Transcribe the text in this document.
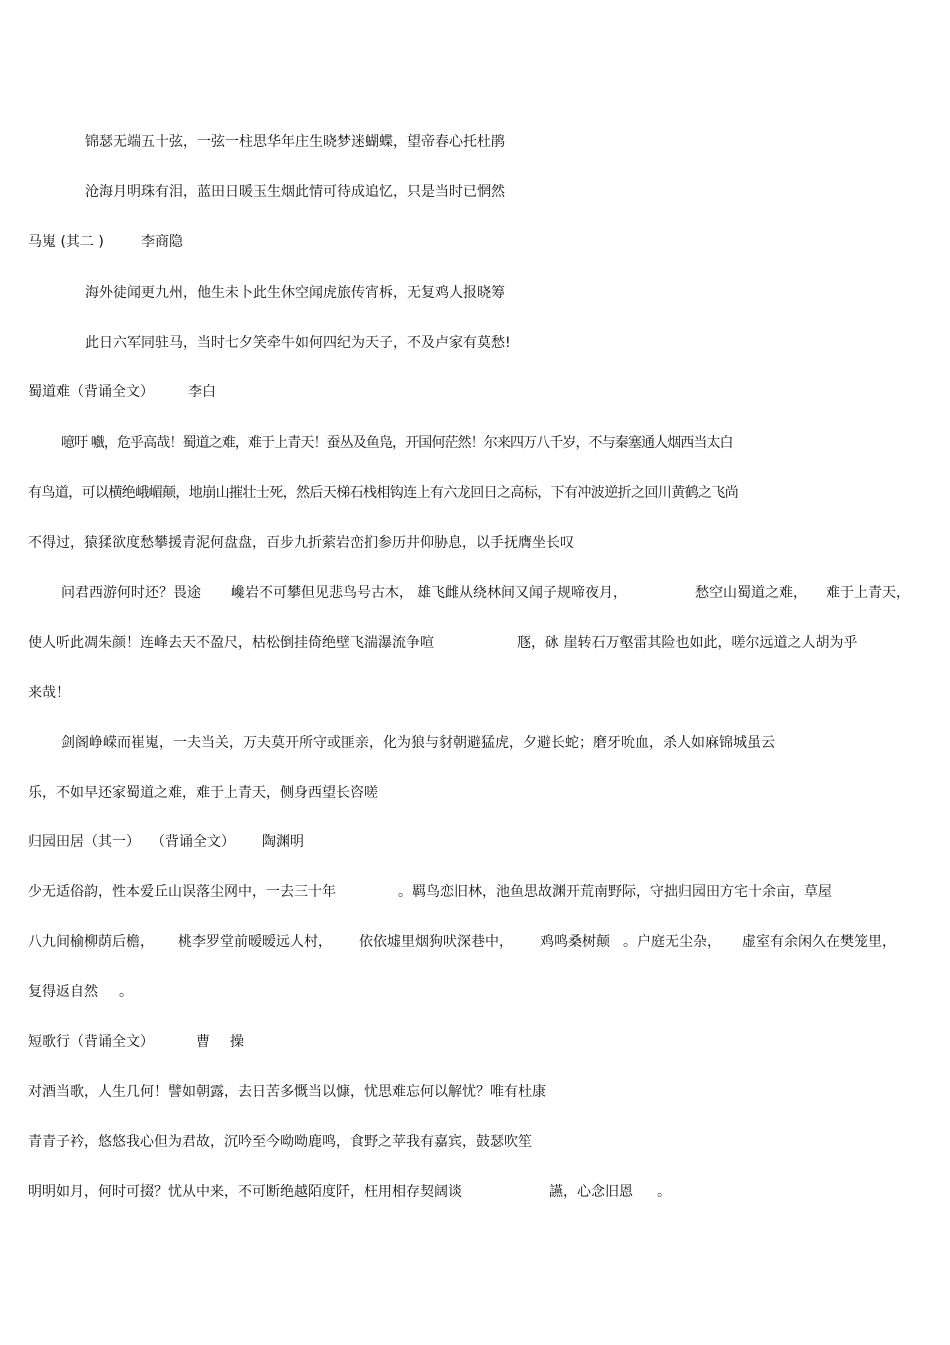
锦瑟无端五十弦，一弦一柱思华年庄生晓梦迷蝴蝶，望帝春心托杜鹃
沧海月明珠有泪，蓝田日暖玉生烟此情可待成追忆，只是当时已惘然
马嵬 (其二 )	李商隐
海外徒闻更九州，他生未卜此生休空闻虎旅传宵柝，无复鸡人报晓筹
此日六军同驻马，当时七夕笑牵牛如何四纪为天子，不及卢家有莫愁!
蜀道难（背诵全文） 李白
噫吁 嚱，危乎高哉！蜀道之难，难于上青天！蚕丛及鱼凫，开国何茫然！尔来四万八千岁，不与秦塞通人烟西当太白
有鸟道，可以横绝峨嵋颠，地崩山摧壮士死，然后天梯石栈相钩连上有六龙回日之高标，下有冲波逆折之回川黄鹤之飞尚
不得过，猿猱欲度愁攀援青泥何盘盘，百步九折萦岩峦扪参历井仰胁息，以手抚膺坐长叹
问君西游何时还？畏途 巉岩不可攀但见悲鸟号古木， 雄飞雌从绕林间又闻子规啼夜月，	愁空山蜀道之难， 难于上青天，
使人听此凋朱颜！连峰去天不盈尺，枯松倒挂倚绝壁飞湍瀑流争喧	豗，砯 崖转石万壑雷其险也如此，嗟尔远道之人胡为乎
来哉！
剑阁峥嵘而崔嵬，一夫当关，万夫莫开所守或匪亲，化为狼与豺朝避猛虎，夕避长蛇；磨牙吮血，杀人如麻锦城虽云
乐，不如早还家蜀道之难，难于上青天，侧身西望长咨嗟
归园田居（其一） （背诵全文） 陶渊明
少无适俗韵，性本爱丘山误落尘网中，一去三十年	。羁鸟恋旧林，池鱼思故渊开荒南野际，守拙归园田方宅十余亩，草屋
八九间榆柳荫后檐， 桃李罗堂前暧暧远人村， 依依墟里烟狗吠深巷中， 鸡鸣桑树颠 。户庭无尘杂， 虚室有余闲久在樊笼里，
复得返自然 。
短歌行（背诵全文）	曹 操
对酒当歌，人生几何！譬如朝露，去日苦多慨当以慷，忧思难忘何以解忧？唯有杜康
青青子衿，悠悠我心但为君故，沉吟至今呦呦鹿鸣，食野之苹我有嘉宾，鼓瑟吹笙
明明如月，何时可掇？忧从中来，不可断绝越陌度阡，枉用相存契阔谈	讌，心念旧恩 。
